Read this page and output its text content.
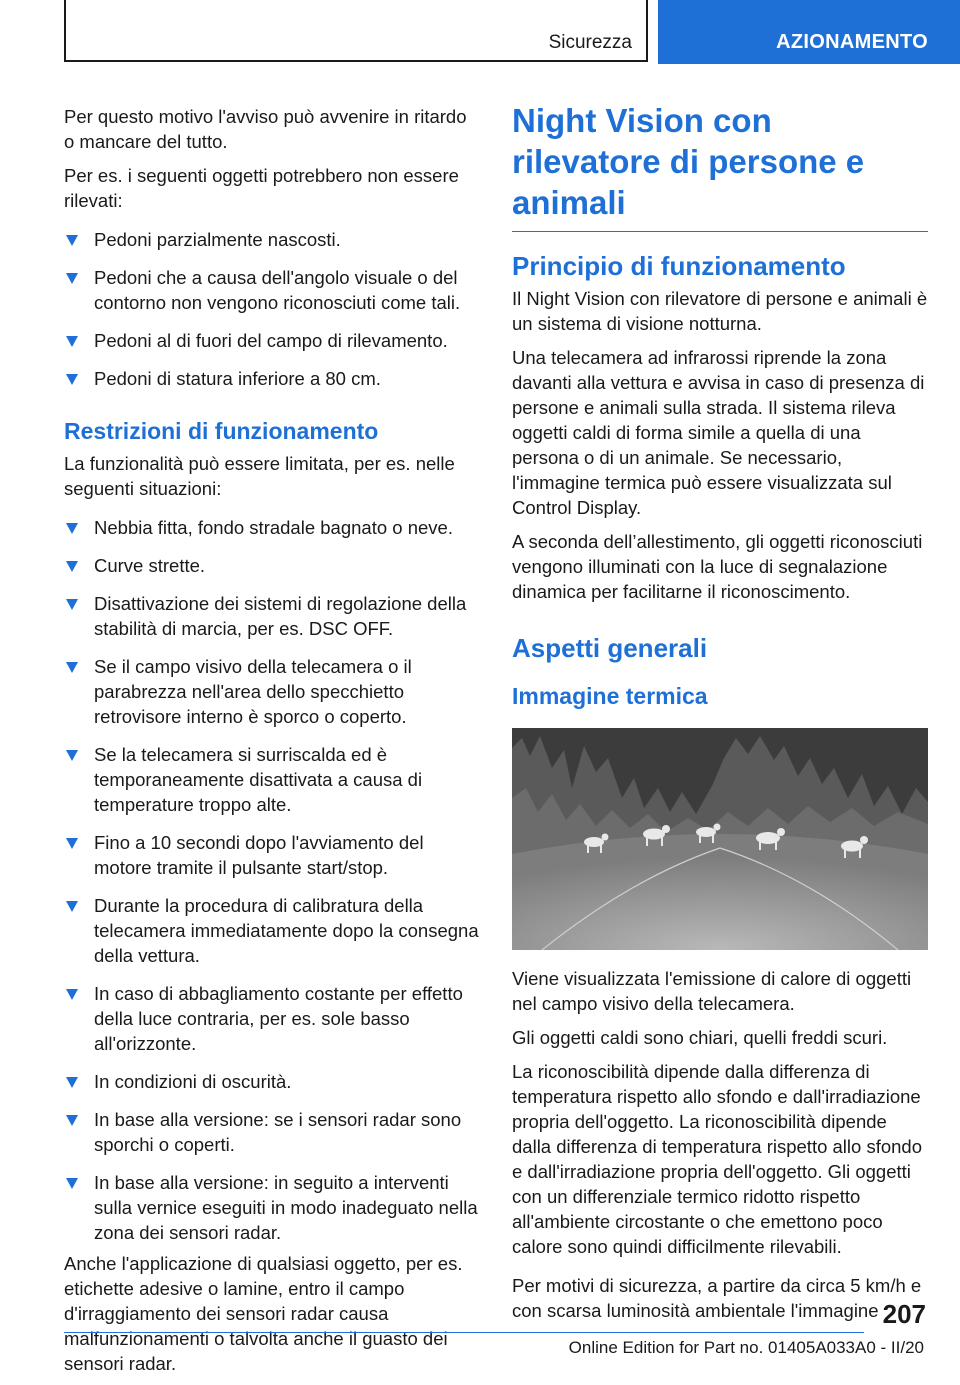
Sicurezza	AZIONAMENTO

Per questo motivo l'avviso può avvenire in ritardo o mancare del tutto.

Per es. i seguenti oggetti potrebbero non essere rilevati:

Pedoni parzialmente nascosti.
Pedoni che a causa dell'angolo visuale o del contorno non vengono riconosciuti come tali.
Pedoni al di fuori del campo di rilevamento.
Pedoni di statura inferiore a 80 cm.
Restrizioni di funzionamento

La funzionalità può essere limitata, per es. nelle seguenti situazioni:

Nebbia fitta, fondo stradale bagnato o neve.
Curve strette.
Disattivazione dei sistemi di regolazione della stabilità di marcia, per es. DSC OFF.
Se il campo visivo della telecamera o il parabrezza nell'area dello specchietto retrovisore interno è sporco o coperto.
Se la telecamera si surriscalda ed è temporaneamente disattivata a causa di temperature troppo alte.
Fino a 10 secondi dopo l'avviamento del motore tramite il pulsante start/stop.
Durante la procedura di calibratura della telecamera immediatamente dopo la consegna della vettura.
In caso di abbagliamento costante per effetto della luce contraria, per es. sole basso all'orizzonte.
In condizioni di oscurità.
In base alla versione: se i sensori radar sono sporchi o coperti.
In base alla versione: in seguito a interventi sulla vernice eseguiti in modo inadeguato nella zona dei sensori radar.

Anche l'applicazione di qualsiasi oggetto, per es. etichette adesive o lamine, entro il campo d'irraggiamento dei sensori radar causa malfunzionamenti o talvolta anche il guasto dei sensori radar.

Night Vision con rilevatore di persone e animali
Principio di funzionamento

Il Night Vision con rilevatore di persone e animali è un sistema di visione notturna.

Una telecamera ad infrarossi riprende la zona davanti alla vettura e avvisa in caso di presenza di persone e animali sulla strada. Il sistema rileva oggetti caldi di forma simile a quella di una persona o di un animale. Se necessario, l'immagine termica può essere visualizzata sul Control Display.

A seconda dell’allestimento, gli oggetti riconosciuti vengono illuminati con la luce di segnalazione dinamica per facilitarne il riconoscimento.

Aspetti generali
Immagine termica

Viene visualizzata l'emissione di calore di oggetti nel campo visivo della telecamera.

Gli oggetti caldi sono chiari, quelli freddi scuri.

La riconoscibilità dipende dalla differenza di temperatura rispetto allo sfondo e dall'irradiazione propria dell'oggetto. La riconoscibilità dipende dalla differenza di temperatura rispetto allo sfondo e dall'irradiazione propria dell'oggetto. Gli oggetti con un differenziale termico ridotto rispetto all'ambiente circostante o che emettono poco calore sono quindi difficilmente rilevabili.

Per motivi di sicurezza, a partire da circa 5 km/h e con scarsa luminosità ambientale l'immagine 207
Online Edition for Part no. 01405A033A0 - II/20
